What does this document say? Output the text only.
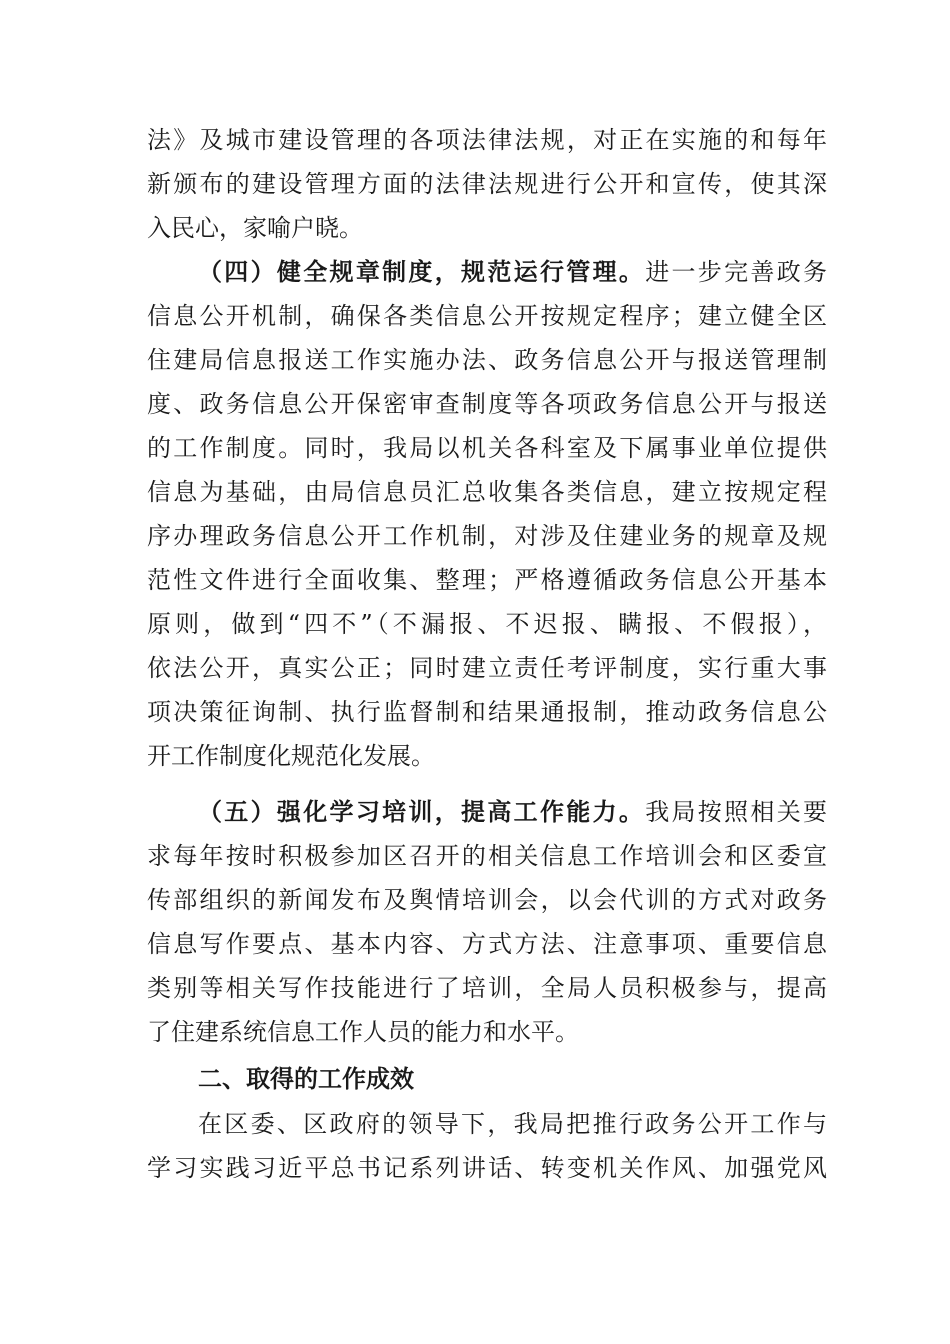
法》及城市建设管理的各项法律法规，对正在实施的和每年
新颁布的建设管理方面的法律法规进行公开和宣传，使其深
入民心，家喻户晓。
（四）健全规章制度，规范运行管理。进一步完善政务
信息公开机制，确保各类信息公开按规定程序；建立健全区
住建局信息报送工作实施办法、政务信息公开与报送管理制
度、政务信息公开保密审查制度等各项政务信息公开与报送
的工作制度。同时，我局以机关各科室及下属事业单位提供
信息为基础，由局信息员汇总收集各类信息，建立按规定程
序办理政务信息公开工作机制，对涉及住建业务的规章及规
范性文件进行全面收集、整理；严格遵循政务信息公开基本
原则，做到“四不”（不漏报、不迟报、瞒报、不假报），
依法公开，真实公正；同时建立责任考评制度，实行重大事
项决策征询制、执行监督制和结果通报制，推动政务信息公
开工作制度化规范化发展。
（五）强化学习培训，提高工作能力。我局按照相关要
求每年按时积极参加区召开的相关信息工作培训会和区委宣
传部组织的新闻发布及舆情培训会，以会代训的方式对政务
信息写作要点、基本内容、方式方法、注意事项、重要信息
类别等相关写作技能进行了培训，全局人员积极参与，提高
了住建系统信息工作人员的能力和水平。
二、取得的工作成效
在区委、区政府的领导下，我局把推行政务公开工作与
学习实践习近平总书记系列讲话、转变机关作风、加强党风
